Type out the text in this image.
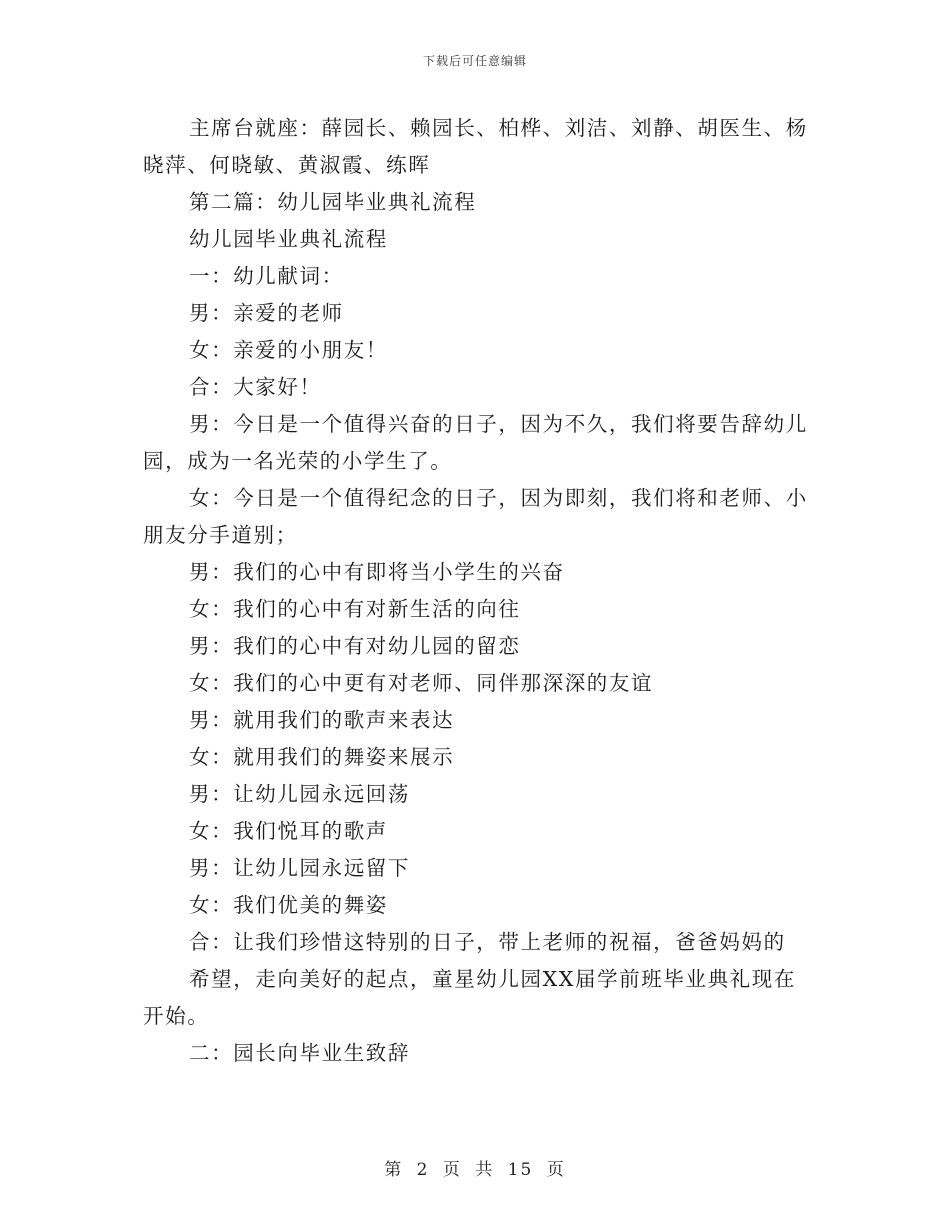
下载后可任意编辑

主席台就座：薛园长、赖园长、柏桦、刘洁、刘静、胡医生、杨晓萍、何晓敏、黄淑霞、练晖

第二篇：幼儿园毕业典礼流程

幼儿园毕业典礼流程

一：幼儿献词：

男：亲爱的老师

女：亲爱的小朋友！

合：大家好！

男：今日是一个值得兴奋的日子，因为不久，我们将要告辞幼儿园，成为一名光荣的小学生了。

女：今日是一个值得纪念的日子，因为即刻，我们将和老师、小朋友分手道别；

男：我们的心中有即将当小学生的兴奋

女：我们的心中有对新生活的向往

男：我们的心中有对幼儿园的留恋

女：我们的心中更有对老师、同伴那深深的友谊

男：就用我们的歌声来表达

女：就用我们的舞姿来展示

男：让幼儿园永远回荡

女：我们悦耳的歌声

男：让幼儿园永远留下

女：我们优美的舞姿

合：让我们珍惜这特别的日子，带上老师的祝福，爸爸妈妈的

希望，走向美好的起点，童星幼儿园XX届学前班毕业典礼现在开始。

二：园长向毕业生致辞

第 2 页 共 15 页
